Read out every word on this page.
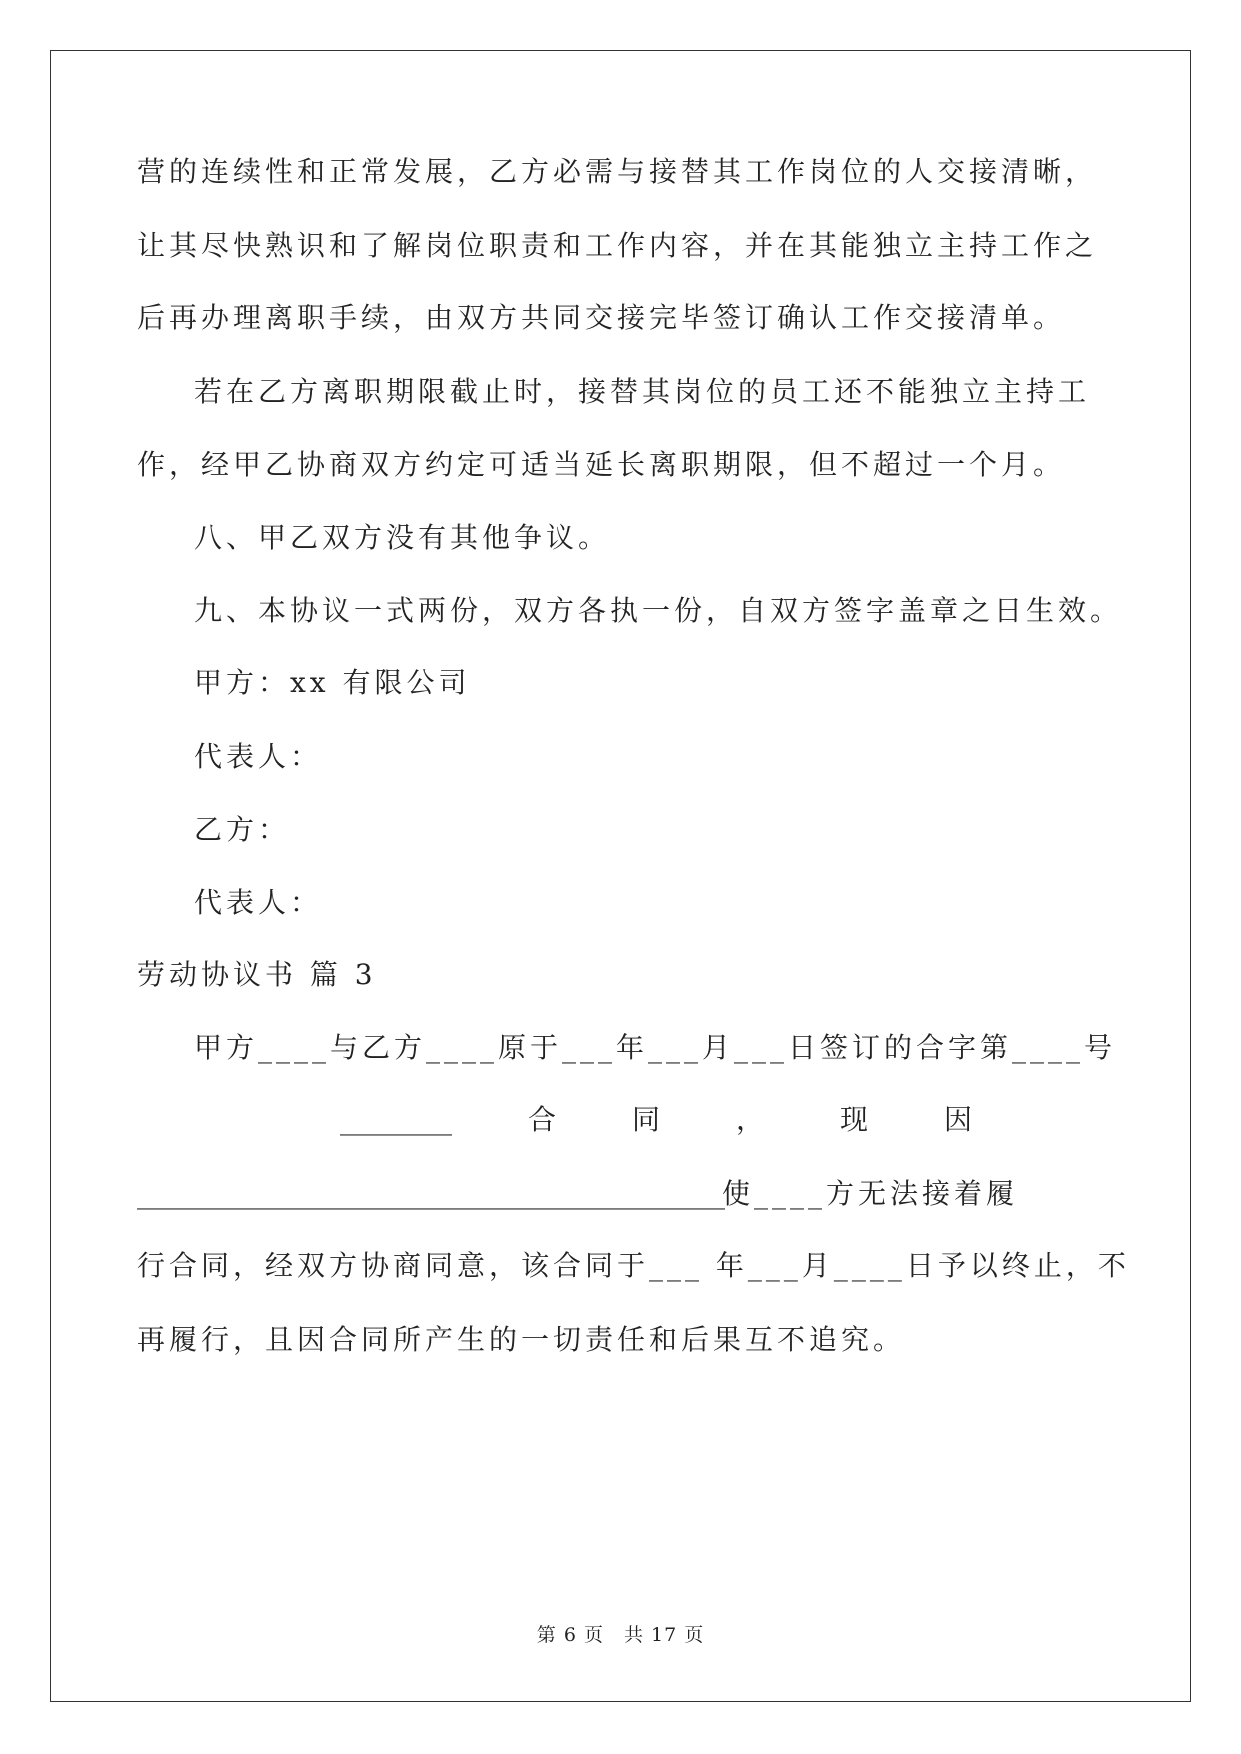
营的连续性和正常发展，乙方必需与接替其工作岗位的人交接清晰，
让其尽快熟识和了解岗位职责和工作内容，并在其能独立主持工作之
后再办理离职手续，由双方共同交接完毕签订确认工作交接清单。
若在乙方离职期限截止时，接替其岗位的员工还不能独立主持工
作，经甲乙协商双方约定可适当延长离职期限，但不超过一个月。
八、甲乙双方没有其他争议。
九、本协议一式两份，双方各执一份，自双方签字盖章之日生效。
甲方：xx 有限公司
代表人：
乙方：
代表人：
劳动协议书 篇 3
甲方____与乙方____原于___年___月___日签订的合字第____号
________	合	同	，	现	因
__________________________________________
使____方无法接着履
行合同，经双方协商同意，该合同于___ 年___月____日予以终止，不
再履行，且因合同所产生的一切责任和后果互不追究。
第 6 页　共 17 页
